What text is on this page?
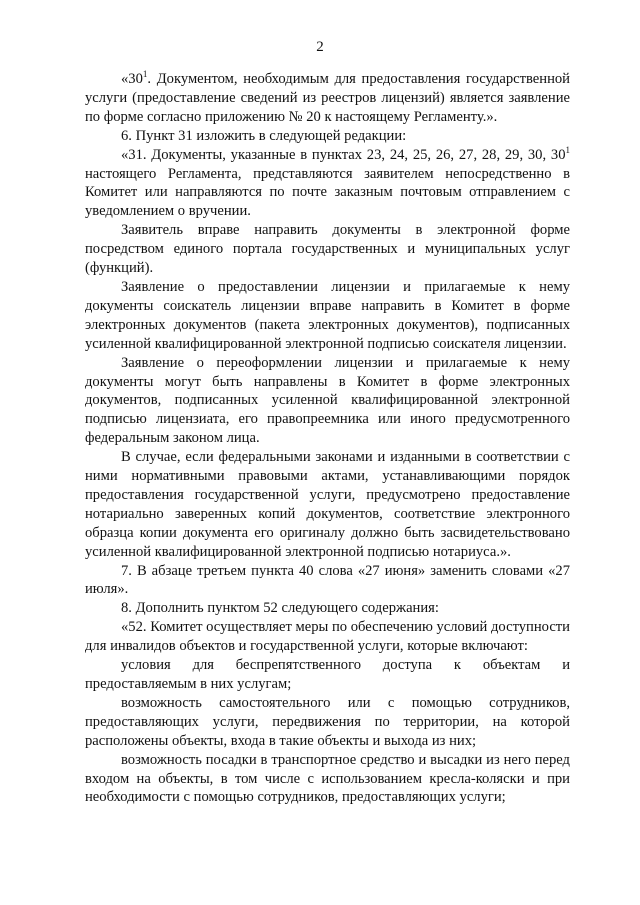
2

«$30^1$. Документом, необходимым для предоставления государственной услуги (предоставление сведений из реестров лицензий) является заявление по форме согласно приложению № 20 к настоящему Регламенту.».

6. Пункт 31 изложить в следующей редакции:

«31. Документы, указанные в пунктах 23, 24, 25, 26, 27, 28, 29, 30, $30^1$ настоящего Регламента, представляются заявителем непосредственно в Комитет или направляются по почте заказным почтовым отправлением с уведомлением о вручении.

Заявитель вправе направить документы в электронной форме посредством единого портала государственных и муниципальных услуг (функций).

Заявление о предоставлении лицензии и прилагаемые к нему документы соискатель лицензии вправе направить в Комитет в форме электронных документов (пакета электронных документов), подписанных усиленной квалифицированной электронной подписью соискателя лицензии.

Заявление о переоформлении лицензии и прилагаемые к нему документы могут быть направлены в Комитет в форме электронных документов, подписанных усиленной квалифицированной электронной подписью лицензиата, его правопреемника или иного предусмотренного федеральным законом лица.

В случае, если федеральными законами и изданными в соответствии с ними нормативными правовыми актами, устанавливающими порядок предоставления государственной услуги, предусмотрено предоставление нотариально заверенных копий документов, соответствие электронного образца копии документа его оригиналу должно быть засвидетельствовано усиленной квалифицированной электронной подписью нотариуса.».

7. В абзаце третьем пункта 40 слова «27 июня» заменить словами «27 июля».

8. Дополнить пунктом 52 следующего содержания:

«52. Комитет осуществляет меры по обеспечению условий доступности для инвалидов объектов и государственной услуги, которые включают:

условия для беспрепятственного доступа к объектам и предоставляемым в них услугам;

возможность самостоятельного или с помощью сотрудников, предоставляющих услуги, передвижения по территории, на которой расположены объекты, входа в такие объекты и выхода из них;

возможность посадки в транспортное средство и высадки из него перед входом на объекты, в том числе с использованием кресла-коляски и при необходимости с помощью сотрудников, предоставляющих услуги;
